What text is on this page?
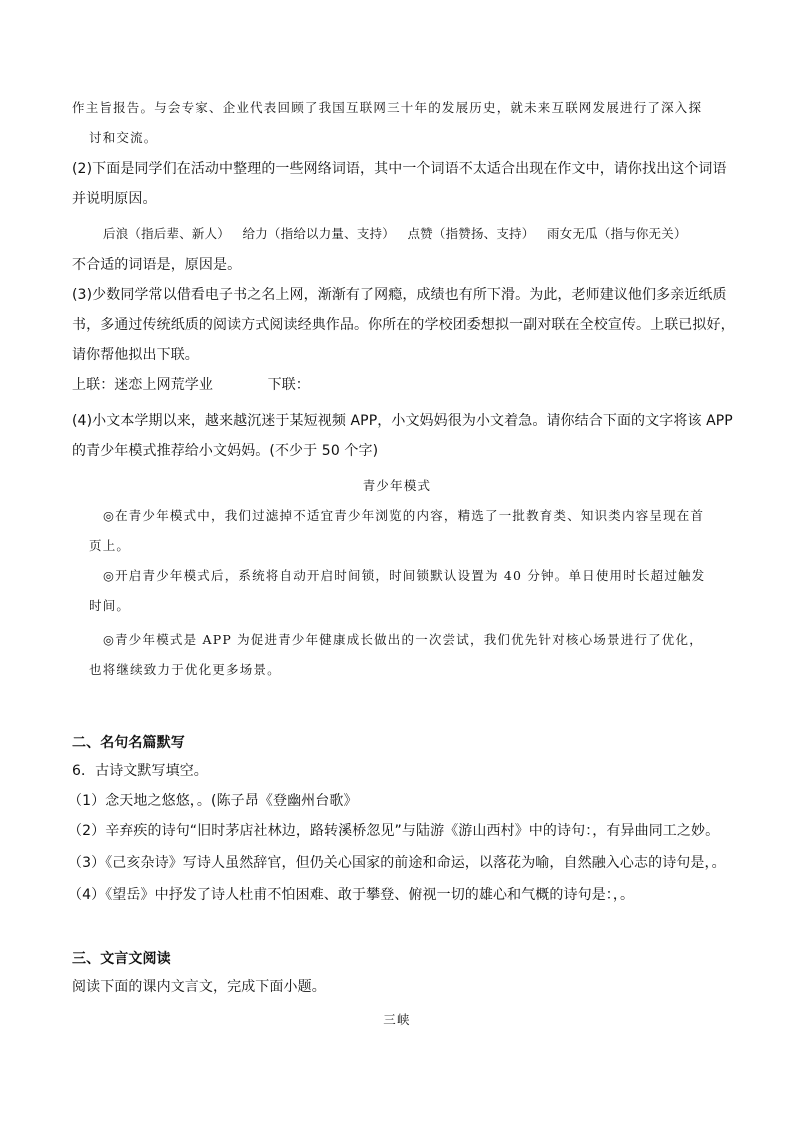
作主旨报告。与会专家、企业代表回顾了我国互联网三十年的发展历史，就未来互联网发展进行了深入探

讨和交流。

(2)下面是同学们在活动中整理的一些网络词语，其中一个词语不太适合出现在作文中，请你找出这个词语

并说明原因。

后浪（指后辈、新人）   给力（指给以力量、支持）   点赞（指赞扬、支持）   雨女无瓜（指与你无关）

不合适的词语是，原因是。

(3)少数同学常以借看电子书之名上网，渐渐有了网瘾，成绩也有所下滑。为此，老师建议他们多亲近纸质

书，多通过传统纸质的阅读方式阅读经典作品。你所在的学校团委想拟一副对联在全校宣传。上联已拟好，

请你帮他拟出下联。

上联：迷恋上网荒学业            下联：

(4)小文本学期以来，越来越沉迷于某短视频 APP，小文妈妈很为小文着急。请你结合下面的文字将该 APP

的青少年模式推荐给小文妈妈。(不少于 50 个字)

青少年模式

◎在青少年模式中，我们过滤掉不适宜青少年浏览的内容，精选了一批教育类、知识类内容呈现在首

页上。

◎开启青少年模式后，系统将自动开启时间锁，时间锁默认设置为 40 分钟。单日使用时长超过触发

时间。

◎青少年模式是 APP 为促进青少年健康成长做出的一次尝试，我们优先针对核心场景进行了优化，

也将继续致力于优化更多场景。

二、名句名篇默写

6．古诗文默写填空。

（1）念天地之悠悠，。(陈子昂《登幽州台歌》

（2）辛弃疾的诗句“旧时茅店社林边，路转溪桥忽见”与陆游《游山西村》中的诗句：，有异曲同工之妙。

（3）《己亥杂诗》写诗人虽然辞官，但仍关心国家的前途和命运，以落花为喻，自然融入心志的诗句是，。

（4）《望岳》中抒发了诗人杜甫不怕困难、敢于攀登、俯视一切的雄心和气概的诗句是：，。

三、文言文阅读

阅读下面的课内文言文，完成下面小题。

三峡
